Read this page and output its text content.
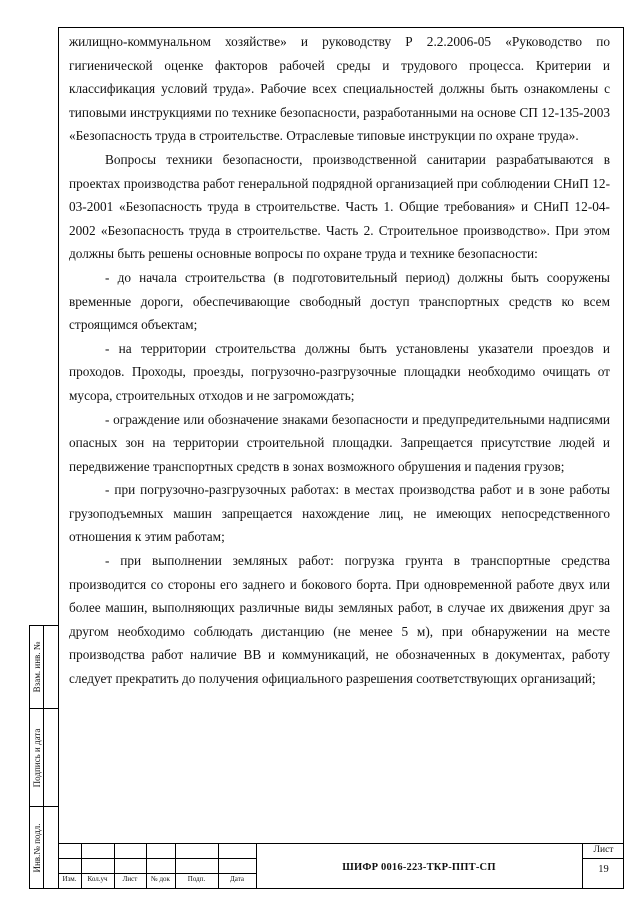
жилищно-коммунальном хозяйстве» и руководству Р 2.2.2006-05 «Руководство по гигиенической оценке факторов рабочей среды и трудового процесса. Критерии и классификация условий труда». Рабочие всех специальностей должны быть ознакомлены с типовыми инструкциями по технике безопасности, разработанными на основе СП 12-135-2003 «Безопасность труда в строительстве. Отраслевые типовые инструкции по охране труда».

Вопросы техники безопасности, производственной санитарии разрабатываются в проектах производства работ генеральной подрядной организацией при соблюдении СНиП 12-03-2001 «Безопасность труда в строительстве. Часть 1. Общие требования» и СНиП 12-04-2002 «Безопасность труда в строительстве. Часть 2. Строительное производство». При этом должны быть решены основные вопросы по охране труда и технике безопасности:

- до начала строительства (в подготовительный период) должны быть сооружены временные дороги, обеспечивающие свободный доступ транспортных средств ко всем строящимся объектам;

- на территории строительства должны быть установлены указатели проездов и проходов. Проходы, проезды, погрузочно-разгрузочные площадки необходимо очищать от мусора, строительных отходов и не загромождать;

- ограждение или обозначение знаками безопасности и предупредительными надписями опасных зон на территории строительной площадки. Запрещается присутствие людей и передвижение транспортных средств в зонах возможного обрушения и падения грузов;

- при погрузочно-разгрузочных работах: в местах производства работ и в зоне работы грузоподъемных машин запрещается нахождение лиц, не имеющих непосредственного отношения к этим работам;

- при выполнении земляных работ: погрузка грунта в транспортные средства производится со стороны его заднего и бокового борта. При одновременной работе двух или более машин, выполняющих различные виды земляных работ, в случае их движения друг за другом необходимо соблюдать дистанцию (не менее 5 м), при обнаружении на месте производства работ наличие ВВ и коммуникаций, не обозначенных в документах, работу следует прекратить до получения официального разрешения соответствующих организаций;

Взам. инв. №
Подпись и дата
Инв.№ подл.
Изм.	Кол.уч	Лист	№ док	Подп.	Дата
ШИФР 0016-223-ТКР-ППТ-СП
Лист
19
